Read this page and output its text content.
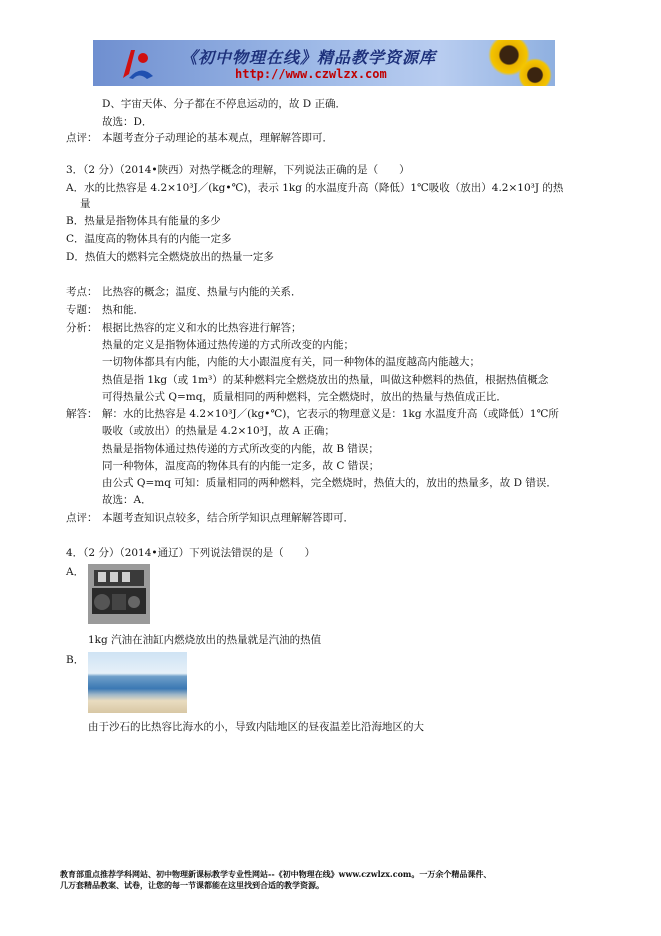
《初中物理在线》精品教学资源库
http://www.czwlzx.com
D、宇宙天体、分子都在不停息运动的，故 D 正确．
故选：D．
点评： 本题考查分子动理论的基本观点，理解解答即可．
3．（2 分）（2014•陕西）对热学概念的理解，下列说法正确的是（　　）
A．水的比热容是 4.2×10³J／(kg•℃)，表示 1kg 的水温度升高（降低）1℃吸收（放出）4.2×10³J 的热
量
B．热量是指物体具有能量的多少
C．温度高的物体具有的内能一定多
D．热值大的燃料完全燃烧放出的热量一定多
考点： 比热容的概念；温度、热量与内能的关系．
专题： 热和能．
分析： 根据比热容的定义和水的比热容进行解答；
热量的定义是指物体通过热传递的方式所改变的内能；
一切物体都具有内能，内能的大小跟温度有关，同一种物体的温度越高内能越大；
热值是指 1kg（或 1m³）的某种燃料完全燃烧放出的热量，叫做这种燃料的热值，根据热值概念
可得热量公式 Q=mq，质量相同的两种燃料，完全燃烧时，放出的热量与热值成正比．
解答： 解：水的比热容是 4.2×10³J／(kg•℃)，它表示的物理意义是：1kg 水温度升高（或降低）1℃所
吸收（或放出）的热量是 4.2×10³J，故 A 正确；
热量是指物体通过热传递的方式所改变的内能，故 B 错误；
同一种物体，温度高的物体具有的内能一定多，故 C 错误；
由公式 Q=mq 可知：质量相同的两种燃料，完全燃烧时，热值大的，放出的热量多，故 D 错误．
故选：A．
点评： 本题考查知识点较多，结合所学知识点理解解答即可．
4．（2 分）（2014•通辽）下列说法错误的是（　　）
A．
1kg 汽油在油缸内燃烧放出的热量就是汽油的热值
B．
由于沙石的比热容比海水的小，导致内陆地区的昼夜温差比沿海地区的大
教育部重点推荐学科网站、初中物理新课标教学专业性网站--《初中物理在线》www.czwlzx.com。一万余个精品课件、
几万套精品教案、试卷，让您的每一节课都能在这里找到合适的教学资源。
